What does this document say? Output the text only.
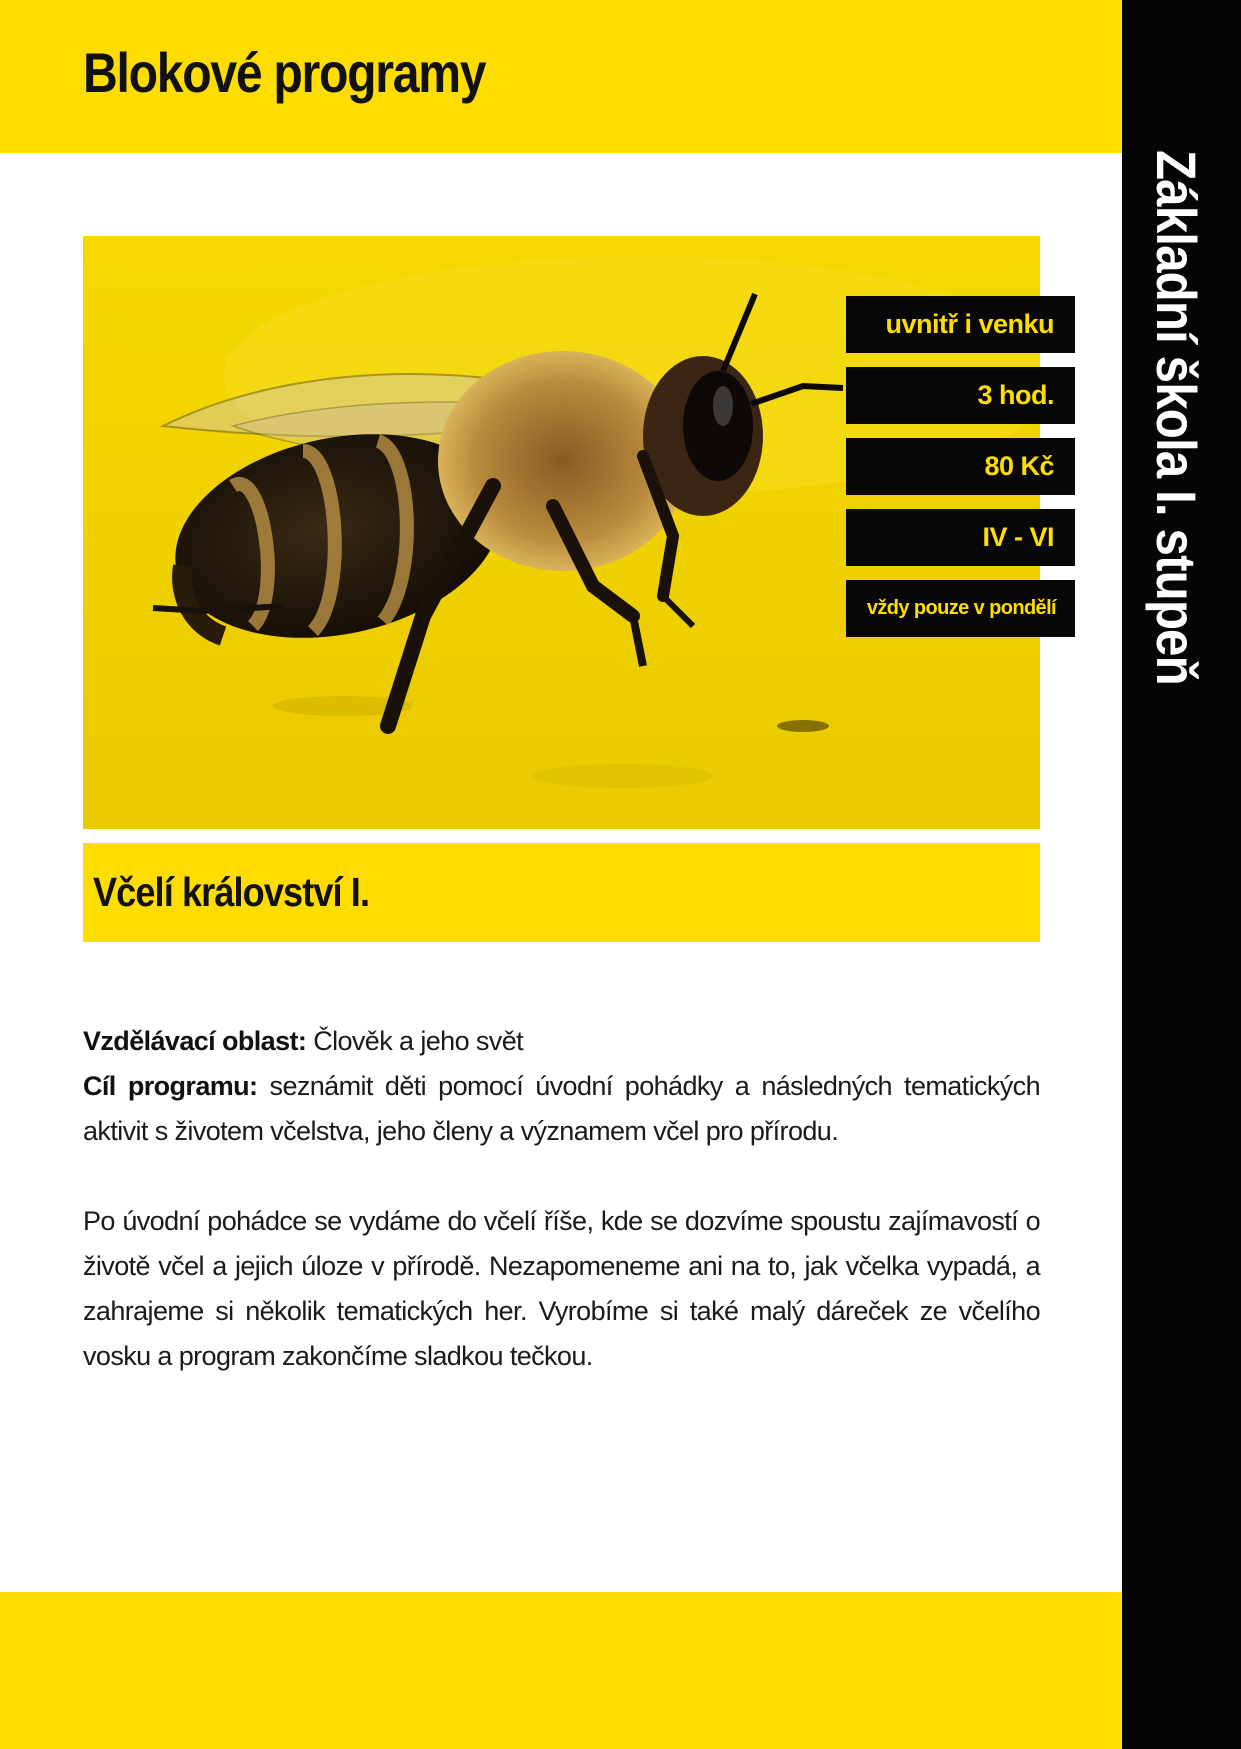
Blokové programy
Základní škola I. stupeň
uvnitř i venku
3 hod.
80 Kč
IV - VI
vždy pouze v pondělí
Včelí království I.

Vzdělávací oblast: Člověk a jeho svět

Cíl programu: seznámit děti pomocí úvodní pohádky a následných tematických aktivit s životem včelstva, jeho členy a významem včel pro přírodu.

Po úvodní pohádce se vydáme do včelí říše, kde se dozvíme spoustu zajímavostí o životě včel a jejich úloze v přírodě. Nezapomeneme ani na to, jak včelka vypadá, a zahrajeme si několik tematických her. Vyrobíme si také malý dáreček ze včelího vosku a program zakončíme sladkou tečkou.
